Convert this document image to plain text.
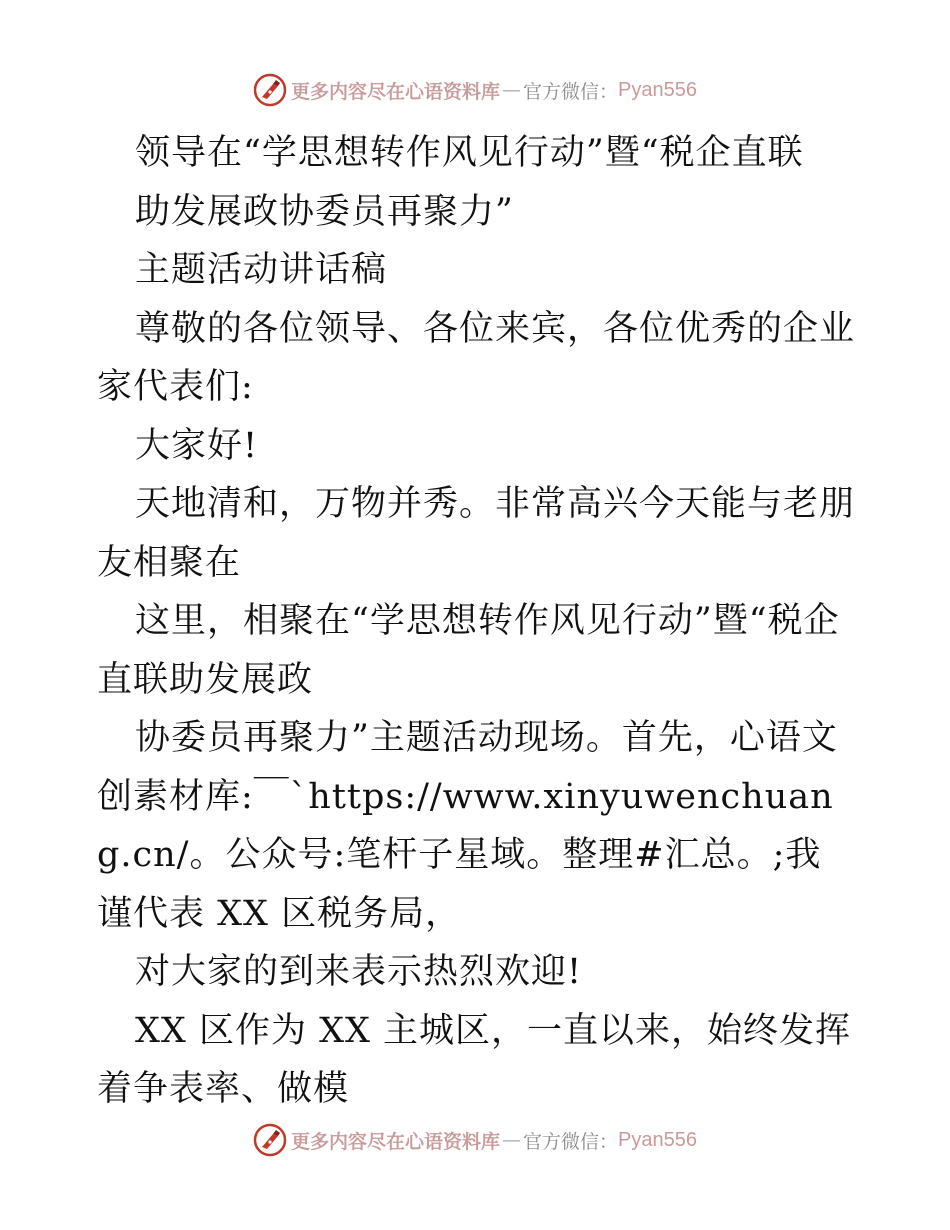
更多内容尽在心语资料库 — 官方微信： Pyan556

领导在“学思想转作风见行动”暨“税企直联

助发展政协委员再聚力”

主题活动讲话稿

尊敬的各位领导、各位来宾，各位优秀的企业家代表们:

大家好!

天地清和，万物并秀。非常高兴今天能与老朋友相聚在

这里，相聚在“学思想转作风见行动”暨“税企直联助发展政

协委员再聚力”主题活动现场。首先，心语文创素材库:￣`https://www.xinyuwenchuang.cn/。公众号:笔杆子星域。整理#汇总。;我谨代表 XX 区税务局，

对大家的到来表示热烈欢迎!

XX 区作为 XX 主城区，一直以来，始终发挥着争表率、做模

更多内容尽在心语资料库 — 官方微信： Pyan556
